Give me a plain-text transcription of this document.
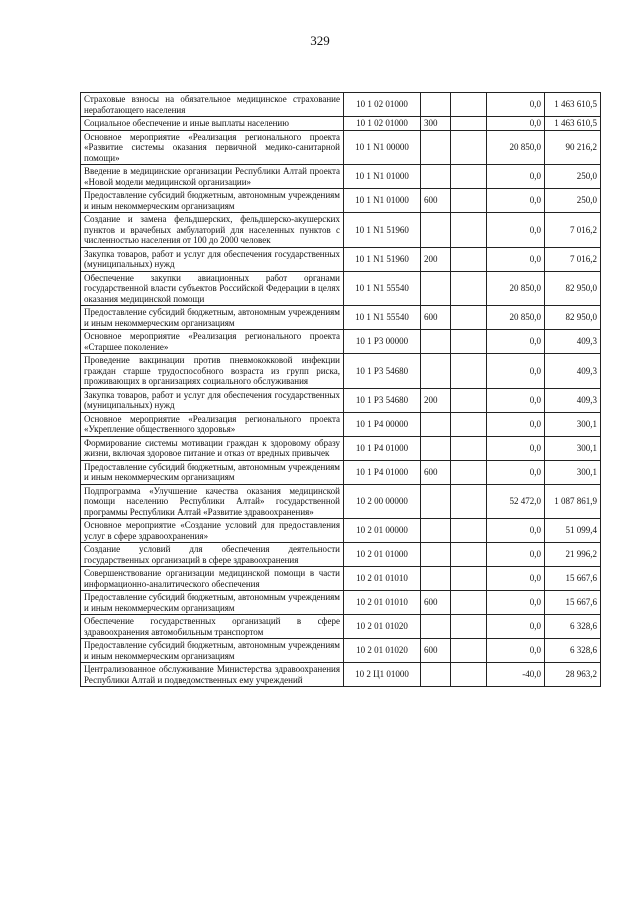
329
Страховые взносы на обязательное медицинское страхование неработающего населения	10 1 02 01000			0,0	1 463 610,5
Социальное обеспечение и иные выплаты населению	10 1 02 01000	300		0,0	1 463 610,5
Основное мероприятие «Реализация регионального проекта «Развитие системы оказания первичной медико-санитарной помощи»	10 1 N1 00000			20 850,0	90 216,2
Введение в медицинские организации Республики Алтай проекта «Новой модели медицинской организации»	10 1 N1 01000			0,0	250,0
Предоставление субсидий бюджетным, автономным учреждениям и иным некоммерческим организациям	10 1 N1 01000	600		0,0	250,0
Создание и замена фельдшерских, фельдшерско-акушерских пунктов и врачебных амбулаторий для населенных пунктов с численностью населения от 100 до 2000 человек	10 1 N1 51960			0,0	7 016,2
Закупка товаров, работ и услуг для обеспечения государственных (муниципальных) нужд	10 1 N1 51960	200		0,0	7 016,2
Обеспечение закупки авиационных работ органами государственной власти субъектов Российской Федерации в целях оказания медицинской помощи	10 1 N1 55540			20 850,0	82 950,0
Предоставление субсидий бюджетным, автономным учреждениям и иным некоммерческим организациям	10 1 N1 55540	600		20 850,0	82 950,0
Основное мероприятие «Реализация регионального проекта «Старшее поколение»	10 1 P3 00000			0,0	409,3
Проведение вакцинации против пневмококковой инфекции граждан старше трудоспособного возраста из групп риска, проживающих в организациях социального обслуживания	10 1 P3 54680			0,0	409,3
Закупка товаров, работ и услуг для обеспечения государственных (муниципальных) нужд	10 1 P3 54680	200		0,0	409,3
Основное мероприятие «Реализация регионального проекта «Укрепление общественного здоровья»	10 1 P4 00000			0,0	300,1
Формирование системы мотивации граждан к здоровому образу жизни, включая здоровое питание и отказ от вредных привычек	10 1 P4 01000			0,0	300,1
Предоставление субсидий бюджетным, автономным учреждениям и иным некоммерческим организациям	10 1 P4 01000	600		0,0	300,1
Подпрограмма «Улучшение качества оказания медицинской помощи населению Республики Алтай» государственной программы Республики Алтай «Развитие здравоохранения»	10 2 00 00000			52 472,0	1 087 861,9
Основное мероприятие «Создание условий для предоставления услуг в сфере здравоохранения»	10 2 01 00000			0,0	51 099,4
Создание условий для обеспечения деятельности государственных организаций в сфере здравоохранения	10 2 01 01000			0,0	21 996,2
Совершенствование организации медицинской помощи в части информационно-аналитического обеспечения	10 2 01 01010			0,0	15 667,6
Предоставление субсидий бюджетным, автономным учреждениям и иным некоммерческим организациям	10 2 01 01010	600		0,0	15 667,6
Обеспечение государственных организаций в сфере здравоохранения автомобильным транспортом	10 2 01 01020			0,0	6 328,6
Предоставление субсидий бюджетным, автономным учреждениям и иным некоммерческим организациям	10 2 01 01020	600		0,0	6 328,6
Централизованное обслуживание Министерства здравоохранения Республики Алтай и подведомственных ему учреждений	10 2 Ц1 01000			-40,0	28 963,2
